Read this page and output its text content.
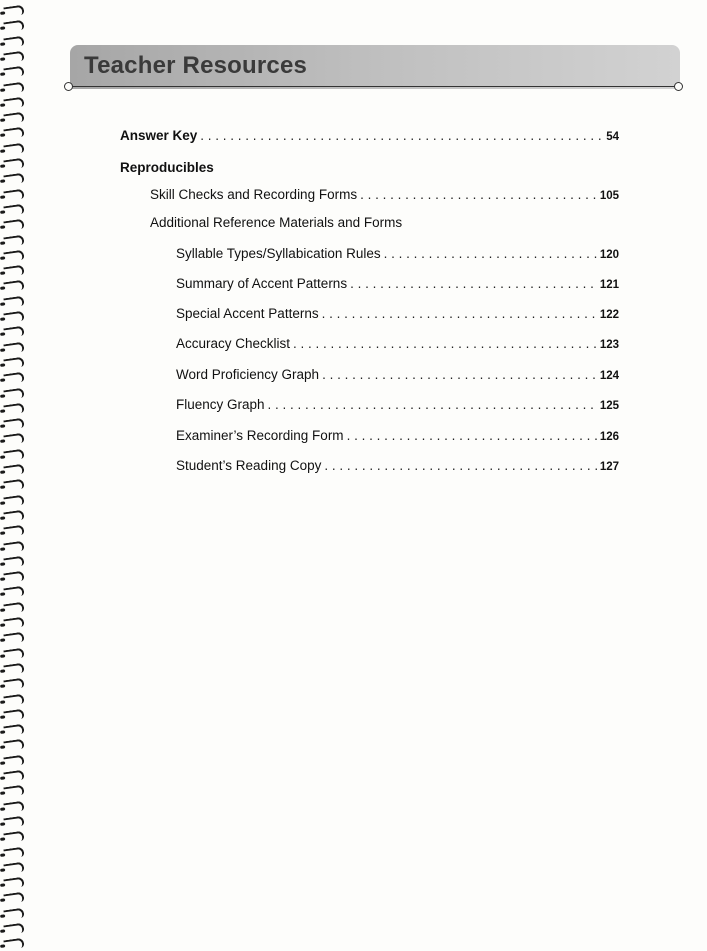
Teacher Resources
Answer Key . . .	54
Reproducibles
Skill Checks and Recording Forms . . .	105
Additional Reference Materials and Forms
Syllable Types/Syllabication Rules . . .	120
Summary of Accent Patterns . . .	121
Special Accent Patterns . . .	122
Accuracy Checklist . . .	123
Word Proficiency Graph . . .	124
Fluency Graph . . .	125
Examiner’s Recording Form . . .	126
Student’s Reading Copy . . .	127
